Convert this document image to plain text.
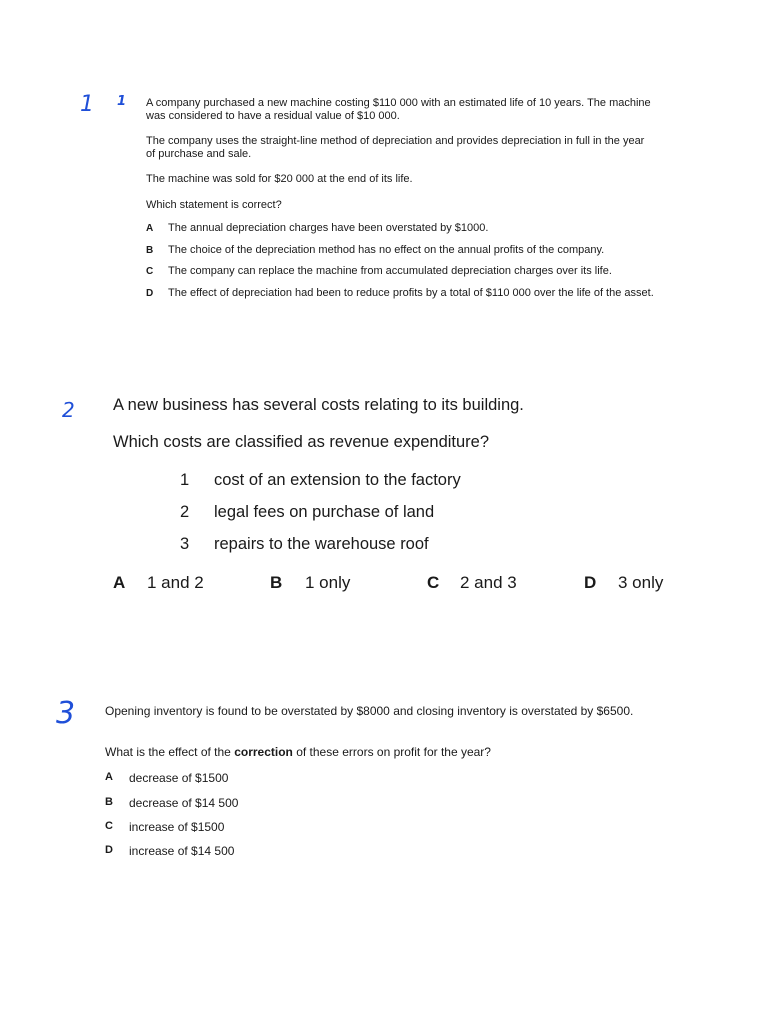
1 1 A company purchased a new machine costing $110 000 with an estimated life of 10 years. The machine was considered to have a residual value of $10 000.

The company uses the straight-line method of depreciation and provides depreciation in full in the year of purchase and sale.

The machine was sold for $20 000 at the end of its life.

Which statement is correct?

A The annual depreciation charges have been overstated by $1000.
B The choice of the depreciation method has no effect on the annual profits of the company.
C The company can replace the machine from accumulated depreciation charges over its life.
D The effect of depreciation had been to reduce profits by a total of $110 000 over the life of the asset.
2 A new business has several costs relating to its building.
Which costs are classified as revenue expenditure?
1 cost of an extension to the factory
2 legal fees on purchase of land
3 repairs to the warehouse roof
A 1 and 2	B 1 only	C 2 and 3	D 3 only
3 Opening inventory is found to be overstated by $8000 and closing inventory is overstated by $6500.
What is the effect of the correction of these errors on profit for the year?
A decrease of $1500
B decrease of $14 500
C increase of $1500
D increase of $14 500
